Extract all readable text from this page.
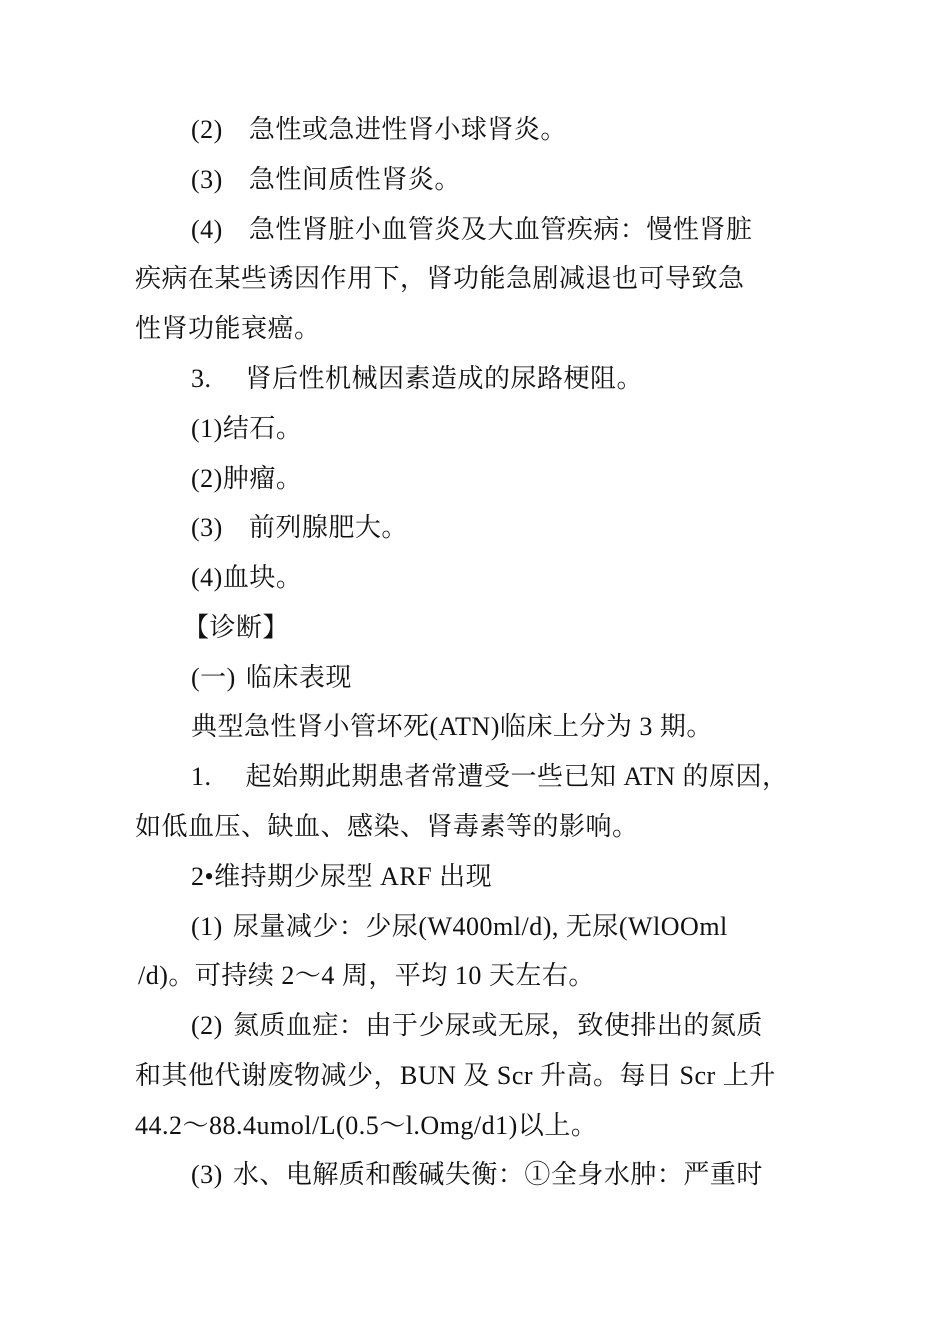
(2) 急性或急进性肾小球肾炎。
(3) 急性间质性肾炎。
(4) 急性肾脏小血管炎及大血管疾病：慢性肾脏
疾病在某些诱因作用下，肾功能急剧减退也可导致急
性肾功能衰癌。
3. 肾后性机械因素造成的尿路梗阻。
(1)结石。
(2)肿瘤。
(3) 前列腺肥大。
(4)血块。
【诊断】
(一) 临床表现
典型急性肾小管坏死(ATN)临床上分为 3 期。
1. 起始期此期患者常遭受一些已知 ATN 的原因，
如低血压、缺血、感染、肾毒素等的影响。
2•维持期少尿型 ARF 出现
(1) 尿量减少：少尿(W400ml/d), 无尿(WlOOml
/d)。可持续 2〜4 周，平均 10 天左右。
(2) 氮质血症：由于少尿或无尿，致使排出的氮质
和其他代谢废物减少，BUN 及 Scr 升高。每日 Scr 上升
44.2〜88.4umol/L(0.5〜l.Omg/d1)以上。
(3) 水、电解质和酸碱失衡：①全身水肿：严重时
